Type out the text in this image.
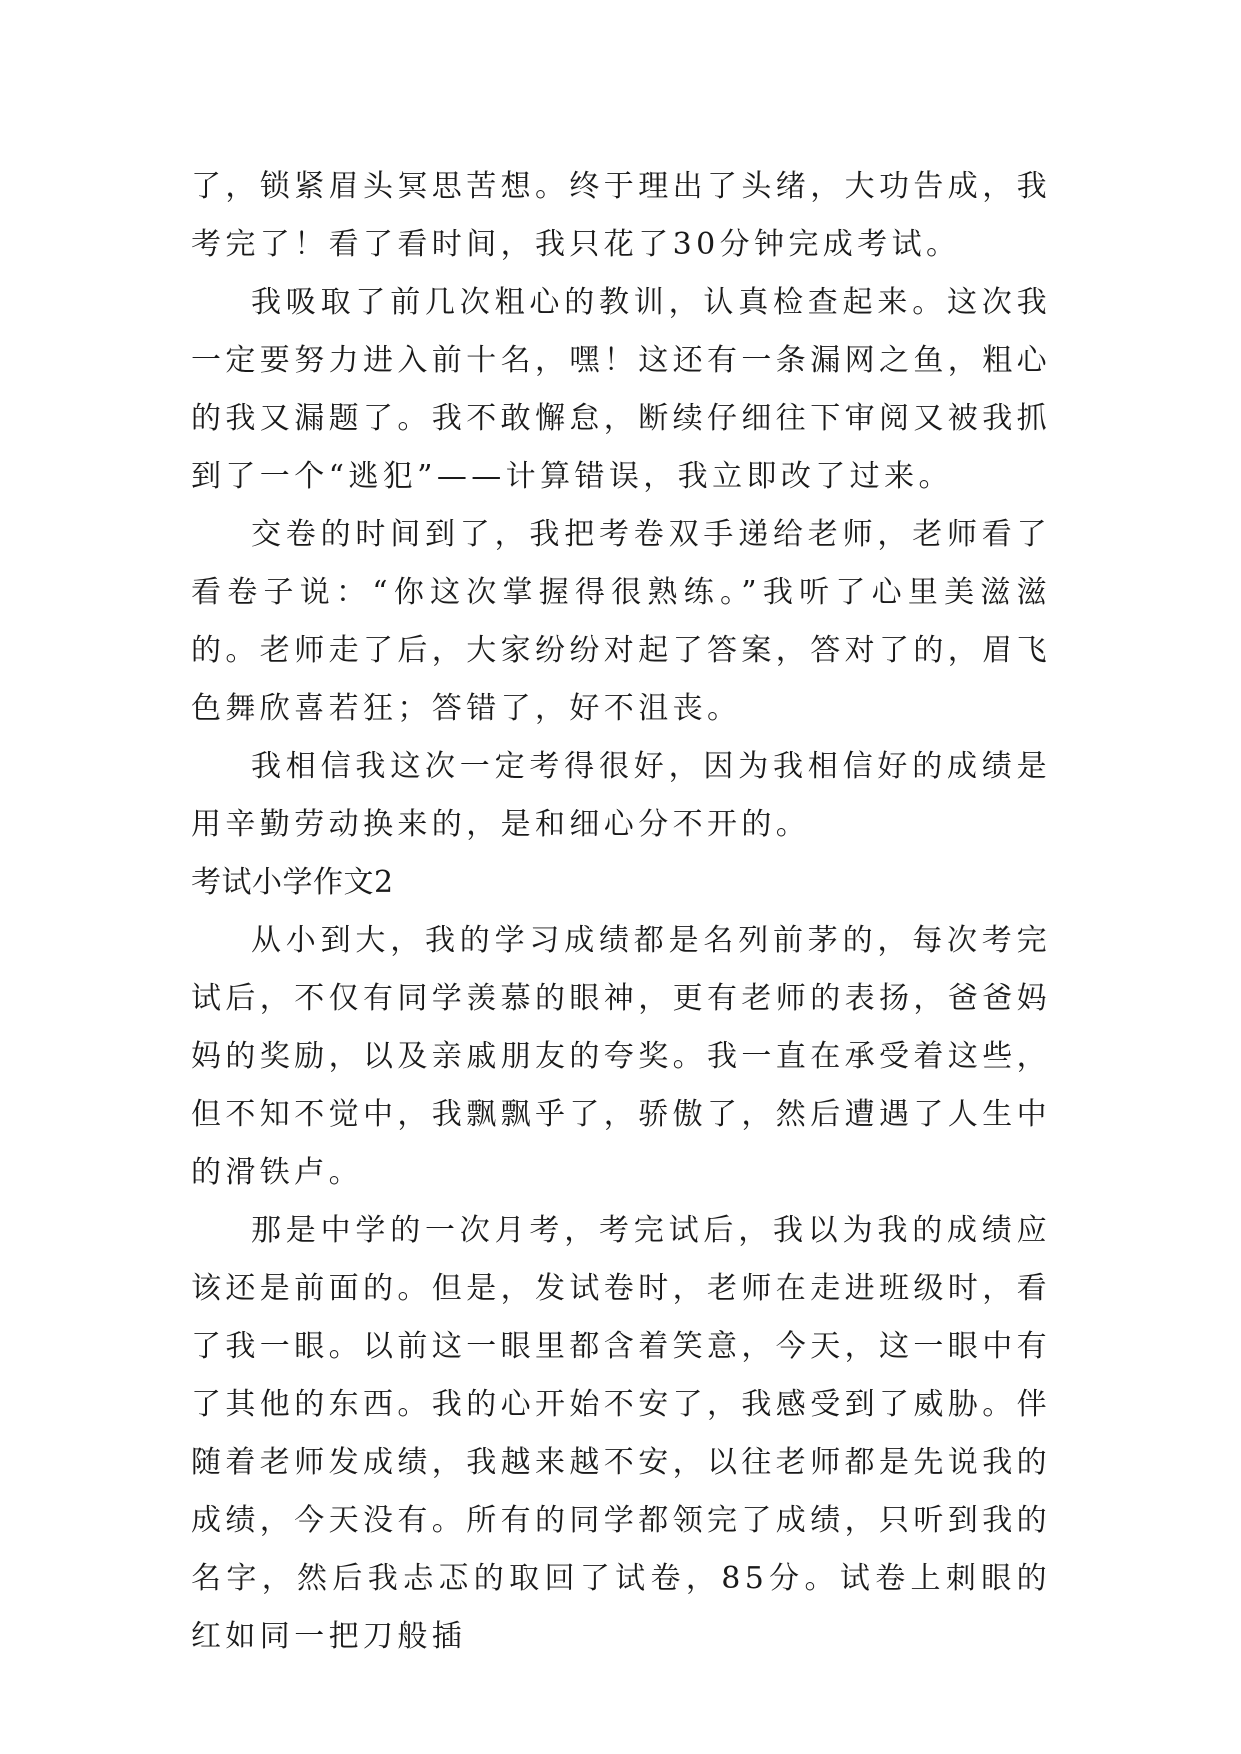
了，锁紧眉头冥思苦想。终于理出了头绪，大功告成，我考完了！看了看时间，我只花了30分钟完成考试。

我吸取了前几次粗心的教训，认真检查起来。这次我一定要努力进入前十名，嘿！这还有一条漏网之鱼，粗心的我又漏题了。我不敢懈怠，断续仔细往下审阅又被我抓到了一个“逃犯”——计算错误，我立即改了过来。

交卷的时间到了，我把考卷双手递给老师，老师看了看卷子说：“你这次掌握得很熟练。”我听了心里美滋滋的。老师走了后，大家纷纷对起了答案，答对了的，眉飞色舞欣喜若狂；答错了，好不沮丧。

我相信我这次一定考得很好，因为我相信好的成绩是用辛勤劳动换来的，是和细心分不开的。

考试小学作文2

从小到大，我的学习成绩都是名列前茅的，每次考完试后，不仅有同学羡慕的眼神，更有老师的表扬，爸爸妈妈的奖励，以及亲戚朋友的夸奖。我一直在承受着这些，但不知不觉中，我飘飘乎了，骄傲了，然后遭遇了人生中的滑铁卢。

那是中学的一次月考，考完试后，我以为我的成绩应该还是前面的。但是，发试卷时，老师在走进班级时，看了我一眼。以前这一眼里都含着笑意，今天，这一眼中有了其他的东西。我的心开始不安了，我感受到了威胁。伴随着老师发成绩，我越来越不安，以往老师都是先说我的成绩，今天没有。所有的同学都领完了成绩，只听到我的名字，然后我忐忑的取回了试卷，85分。试卷上刺眼的红如同一把刀般插
